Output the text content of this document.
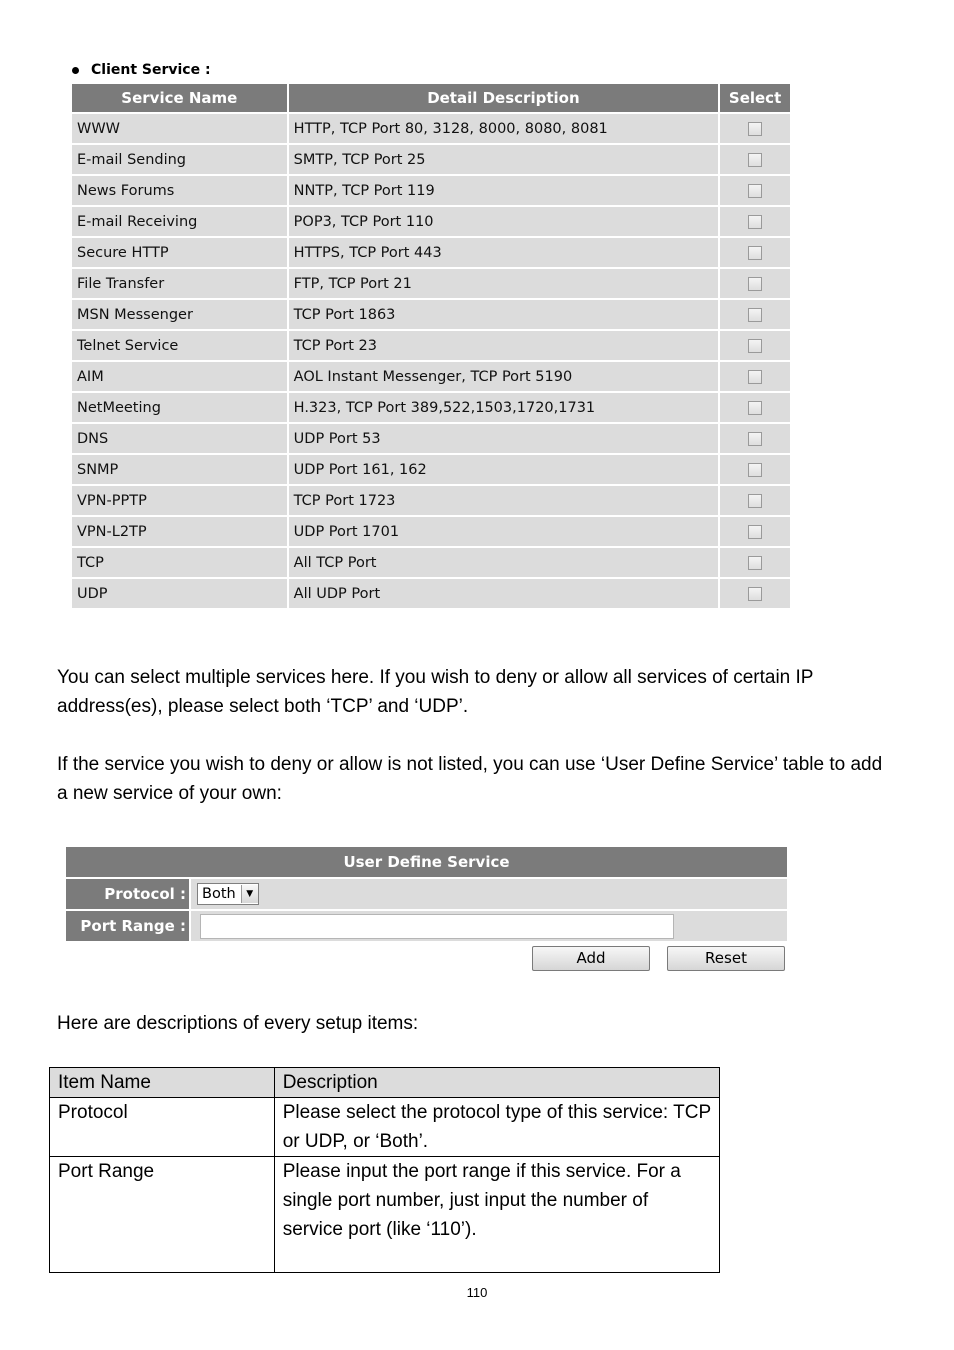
Client Service :
Service Name	Detail Description	Select
WWW	HTTP, TCP Port 80, 3128, 8000, 8080, 8081	
E-mail Sending	SMTP, TCP Port 25	
News Forums	NNTP, TCP Port 119	
E-mail Receiving	POP3, TCP Port 110	
Secure HTTP	HTTPS, TCP Port 443	
File Transfer	FTP, TCP Port 21	
MSN Messenger	TCP Port 1863	
Telnet Service	TCP Port 23	
AIM	AOL Instant Messenger, TCP Port 5190	
NetMeeting	H.323, TCP Port 389,522,1503,1720,1731	
DNS	UDP Port 53	
SNMP	UDP Port 161, 162	
VPN-PPTP	TCP Port 1723	
VPN-L2TP	UDP Port 1701	
TCP	All TCP Port	
UDP	All UDP Port	

You can select multiple services here. If you wish to deny or allow all services of certain IP address(es), please select both ‘TCP’ and ‘UDP’.

If the service you wish to deny or allow is not listed, you can use ‘User Define Service’ table to add a new service of your own:

User Define Service
Protocol : Both	▼
Port Range :
Add	Reset

Here are descriptions of every setup items:

Item Name	Description
Protocol	Please select the protocol type of this service: TCP or UDP, or ‘Both’.
Port Range	Please input the port range if this service. For a single port number, just input the number of service port (like ‘110’).
110
